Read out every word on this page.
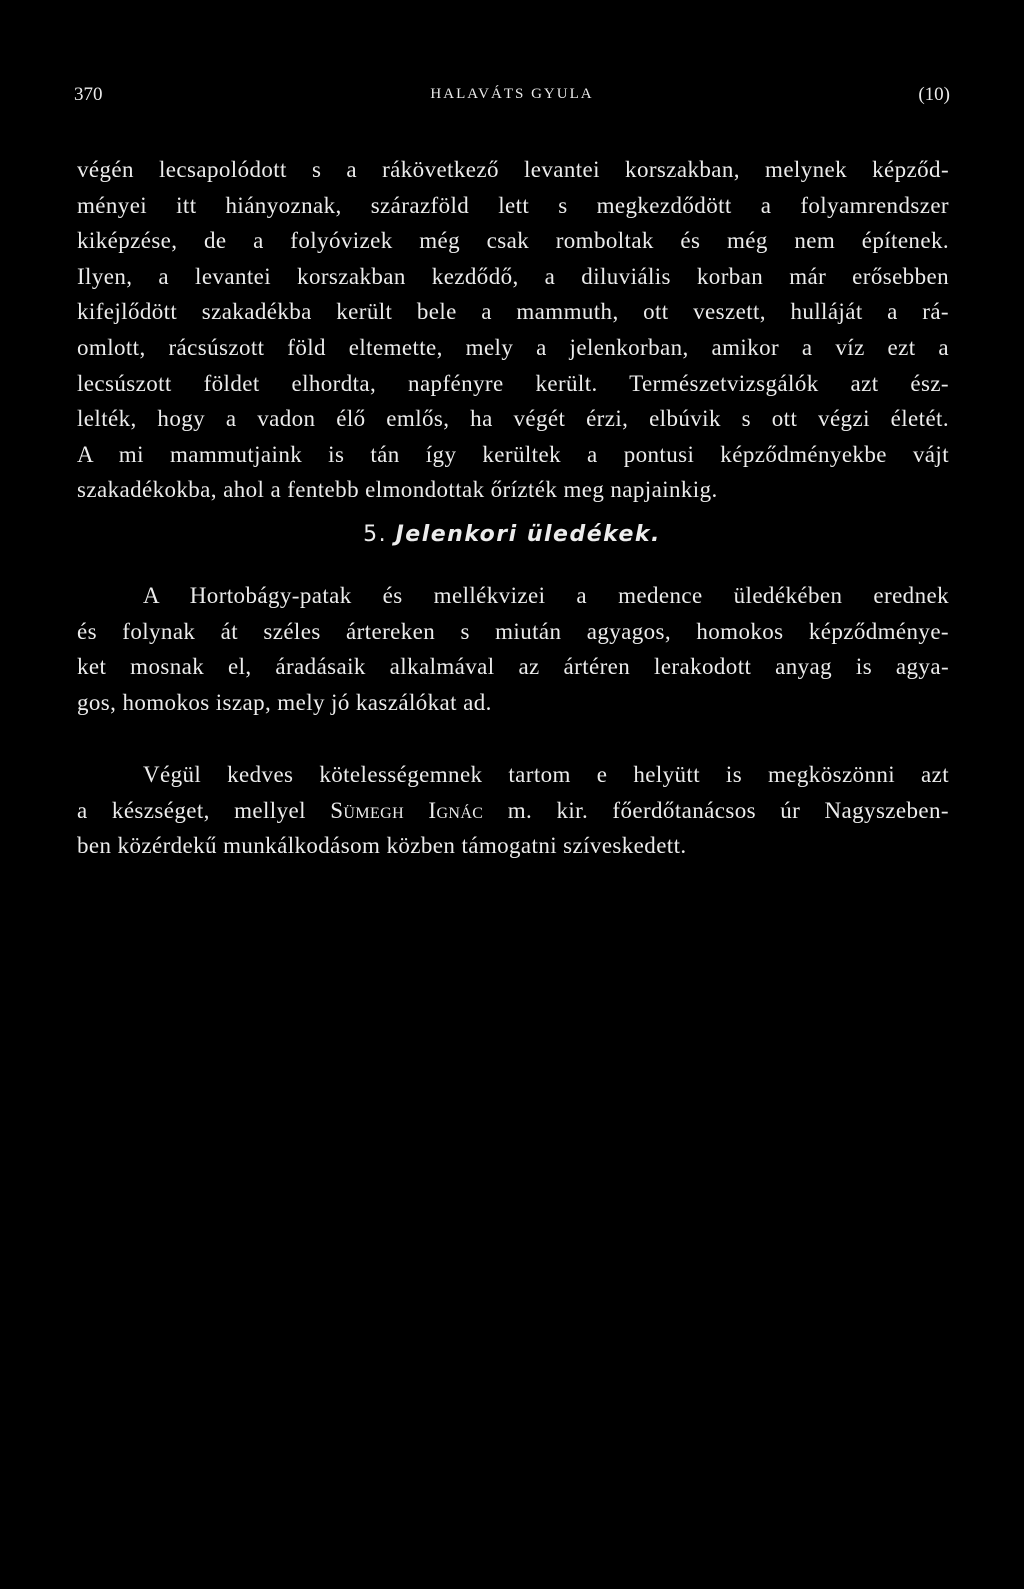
370	HALAVÁTS GYULA	(10)
végén lecsapolódott s a rákövetkező levantei korszakban, melynek képződ-
ményei itt hiányoznak, szárazföld lett s megkezdődött a folyamrendszer
kiképzése, de a folyóvizek még csak romboltak és még nem építenek.
Ilyen, a levantei korszakban kezdődő, a diluviális korban már erősebben
kifejlődött szakadékba került bele a mammuth, ott veszett, hulláját a rá-
omlott, rácsúszott föld eltemette, mely a jelenkorban, amikor a víz ezt a
lecsúszott földet elhordta, napfényre került. Természetvizsgálók azt ész-
lelték, hogy a vadon élő emlős, ha végét érzi, elbúvik s ott végzi életét.
A mi mammutjaink is tán így kerültek a pontusi képződményekbe vájt
szakadékokba, ahol a fentebb elmondottak őrízték meg napjainkig.
5. Jelenkori üledékek.
A Hortobágy-patak és mellékvizei a medence üledékében erednek
és folynak át széles ártereken s miután agyagos, homokos képződménye-
ket mosnak el, áradásaik alkalmával az ártéren lerakodott anyag is agya-
gos, homokos iszap, mely jó kaszálókat ad.
Végül kedves kötelességemnek tartom e helyütt is megköszönni azt
a készséget, mellyel Sümegh Ignác m. kir. főerdőtanácsos úr Nagyszeben-
ben közérdekű munkálkodásom közben támogatni szíveskedett.
